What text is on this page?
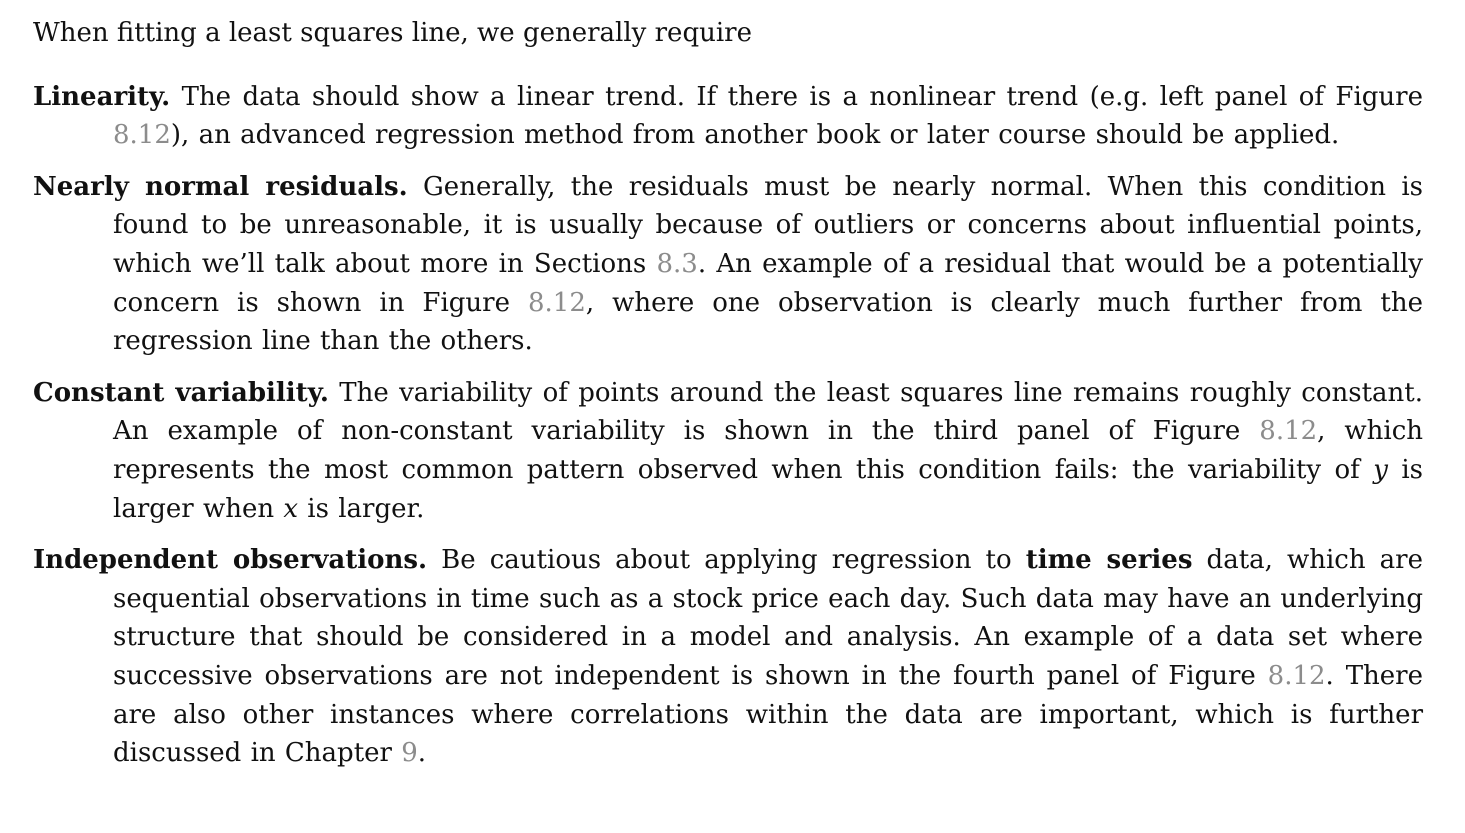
When fitting a least squares line, we generally require

Linearity. The data should show a linear trend. If there is a nonlinear trend (e.g. left panel of Figure 8.12), an advanced regression method from another book or later course should be applied.

Nearly normal residuals. Generally, the residuals must be nearly normal. When this condition is found to be unreasonable, it is usually because of outliers or concerns about influential points, which we’ll talk about more in Sections 8.3. An example of a residual that would be a potentially concern is shown in Figure 8.12, where one observation is clearly much further from the regression line than the others.

Constant variability. The variability of points around the least squares line remains roughly constant. An example of non-constant variability is shown in the third panel of Figure 8.12, which represents the most common pattern observed when this condition fails: the variability of y is larger when x is larger.

Independent observations. Be cautious about applying regression to time series data, which are sequential observations in time such as a stock price each day. Such data may have an underlying structure that should be considered in a model and analysis. An example of a data set where successive observations are not independent is shown in the fourth panel of Figure 8.12. There are also other instances where correlations within the data are important, which is further discussed in Chapter 9.
